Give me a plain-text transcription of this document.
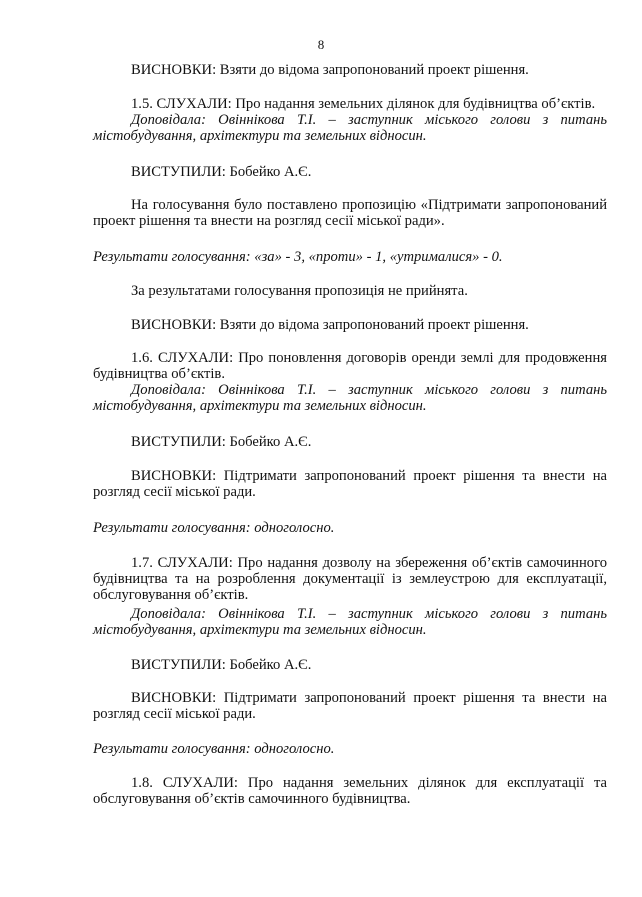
8

ВИСНОВКИ: Взяти до відома запропонований проект рішення.

1.5. СЛУХАЛИ: Про надання земельних ділянок для будівництва об’єктів.

Доповідала: Овіннікова Т.І. – заступник міського голови з питань містобудування, архітектури та земельних відносин.

ВИСТУПИЛИ: Бобейко А.Є.

На голосування було поставлено пропозицію «Підтримати запропонований проект рішення та внести на розгляд сесії міської ради».

Результати голосування: «за» - 3, «проти» - 1, «утрималися» - 0.

За результатами голосування пропозиція не прийнята.

ВИСНОВКИ: Взяти до відома запропонований проект рішення.

1.6. СЛУХАЛИ: Про поновлення договорів оренди землі для продовження будівництва об’єктів.

Доповідала: Овіннікова Т.І. – заступник міського голови з питань містобудування, архітектури та земельних відносин.

ВИСТУПИЛИ: Бобейко А.Є.

ВИСНОВКИ: Підтримати запропонований проект рішення та внести на розгляд сесії міської ради.

Результати голосування: одноголосно.

1.7. СЛУХАЛИ: Про надання дозволу на збереження об’єктів самочинного будівництва та на розроблення документації із землеустрою для експлуатації, обслуговування об’єктів.

Доповідала: Овіннікова Т.І. – заступник міського голови з питань містобудування, архітектури та земельних відносин.

ВИСТУПИЛИ: Бобейко А.Є.

ВИСНОВКИ: Підтримати запропонований проект рішення та внести на розгляд сесії міської ради.

Результати голосування: одноголосно.

1.8. СЛУХАЛИ: Про надання земельних ділянок для експлуатації та обслуговування об’єктів самочинного будівництва.
